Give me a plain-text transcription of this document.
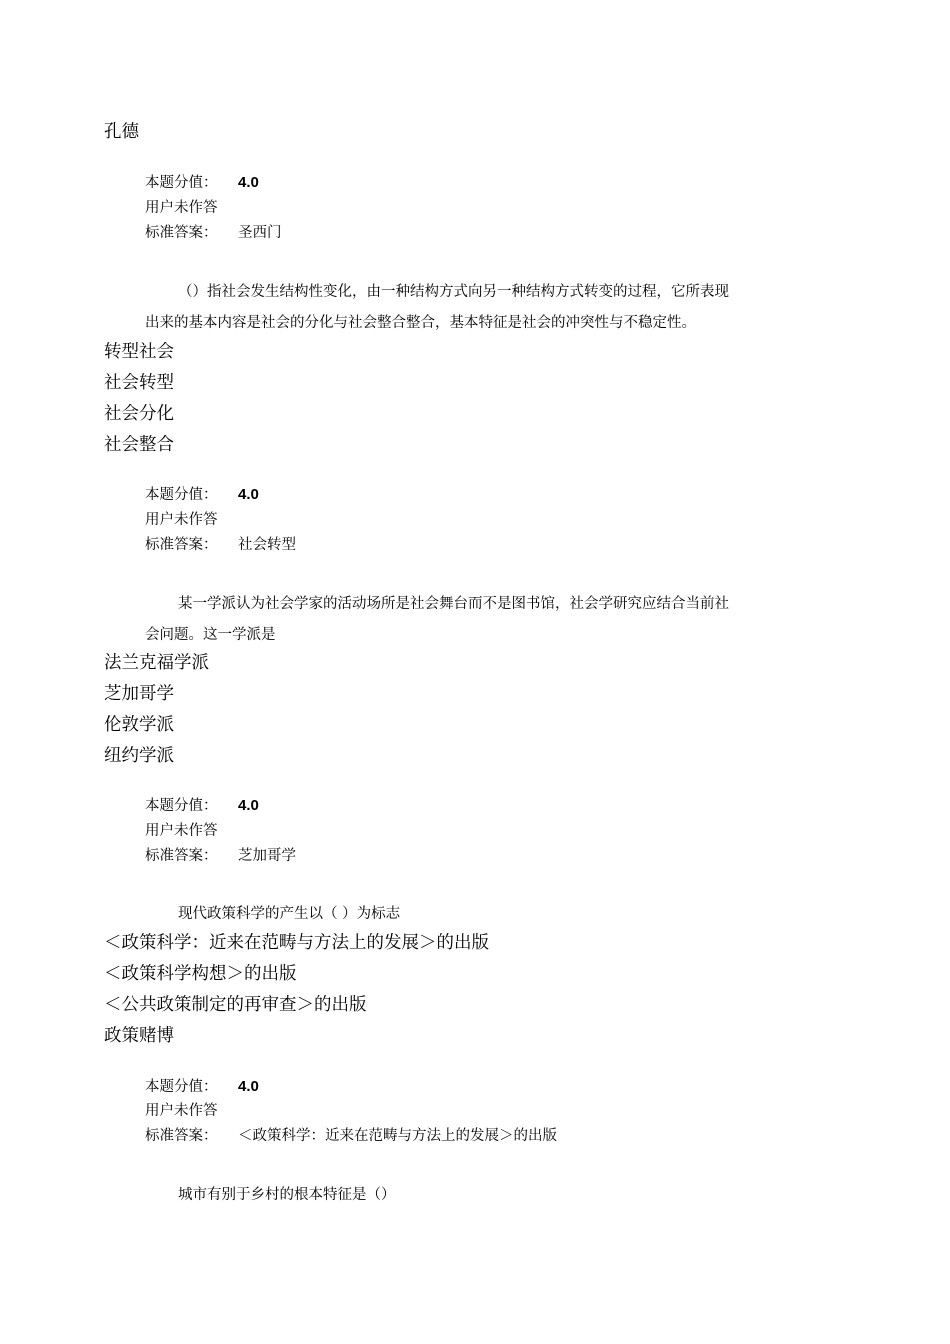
孔德
本题分值： 4.0
用户未作答
标准答案： 圣西门
（）指社会发生结构性变化，由一种结构方式向另一种结构方式转变的过程，它所表现
出来的基本内容是社会的分化与社会整合整合，基本特征是社会的冲突性与不稳定性。
转型社会
社会转型
社会分化
社会整合
本题分值： 4.0
用户未作答
标准答案： 社会转型
某一学派认为社会学家的活动场所是社会舞台而不是图书馆，社会学研究应结合当前社
会问题。这一学派是
法兰克福学派
芝加哥学
伦敦学派
纽约学派
本题分值： 4.0
用户未作答
标准答案： 芝加哥学
现代政策科学的产生以（ ）为标志
＜政策科学：近来在范畴与方法上的发展＞的出版
＜政策科学构想＞的出版
＜公共政策制定的再审查＞的出版
政策赌博
本题分值： 4.0
用户未作答
标准答案： ＜政策科学：近来在范畴与方法上的发展＞的出版
城市有别于乡村的根本特征是（）
